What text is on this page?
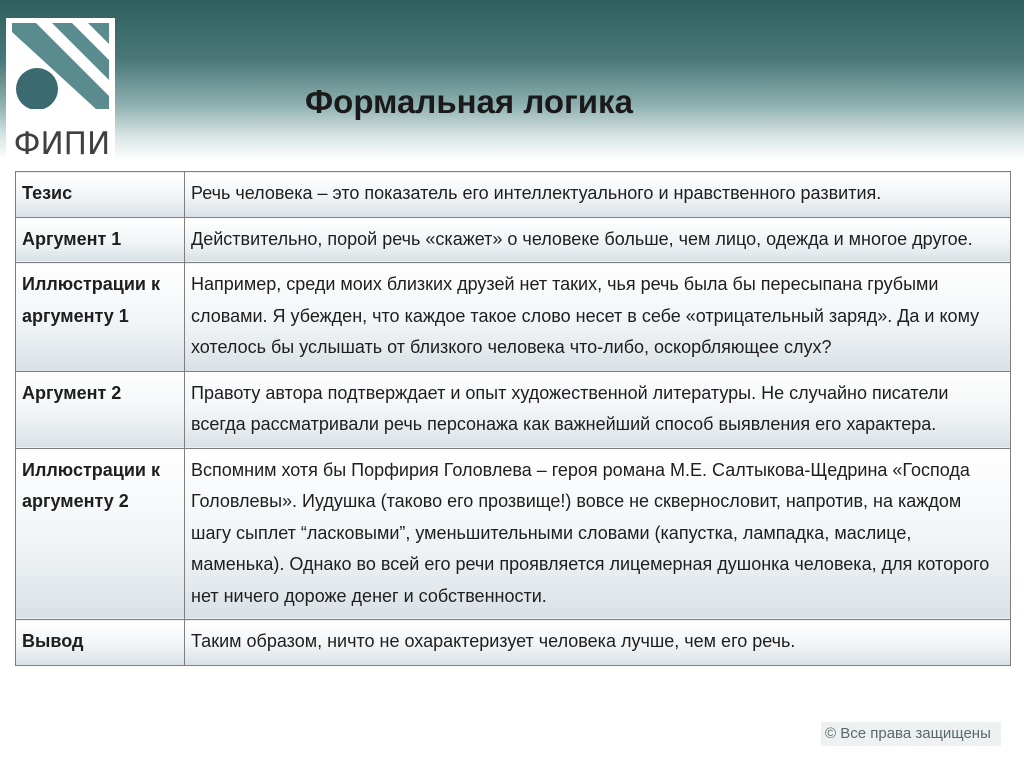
ФИПИ
Формальная логика
Тезис	Речь человека – это показатель его интеллектуального и нравственного развития.
Аргумент 1	Действительно, порой речь «скажет» о человеке больше, чем лицо, одежда и многое другое.
Иллюстрации к аргументу 1	Например, среди моих близких друзей нет таких, чья речь была бы пересыпана грубыми словами. Я убежден, что каждое такое слово несет в себе «отрицательный заряд». Да и кому хотелось бы услышать от близкого человека что-либо, оскорбляющее слух?
Аргумент 2	Правоту автора подтверждает и опыт художественной литературы. Не случайно писатели всегда рассматривали речь персонажа как важнейший способ выявления его характера.
Иллюстрации к аргументу 2	Вспомним хотя бы Порфирия Головлева – героя романа М.Е. Салтыкова-Щедрина «Господа Головлевы». Иудушка (таково его прозвище!) вовсе не сквернословит, напротив, на каждом шагу сыплет “ласковыми”, уменьшительными словами (капустка, лампадка, маслице, маменька). Однако во всей его речи проявляется лицемерная душонка человека, для которого нет ничего дороже денег и собственности.
Вывод	Таким образом, ничто не охарактеризует человека лучше, чем его речь.
© Все права защищены
